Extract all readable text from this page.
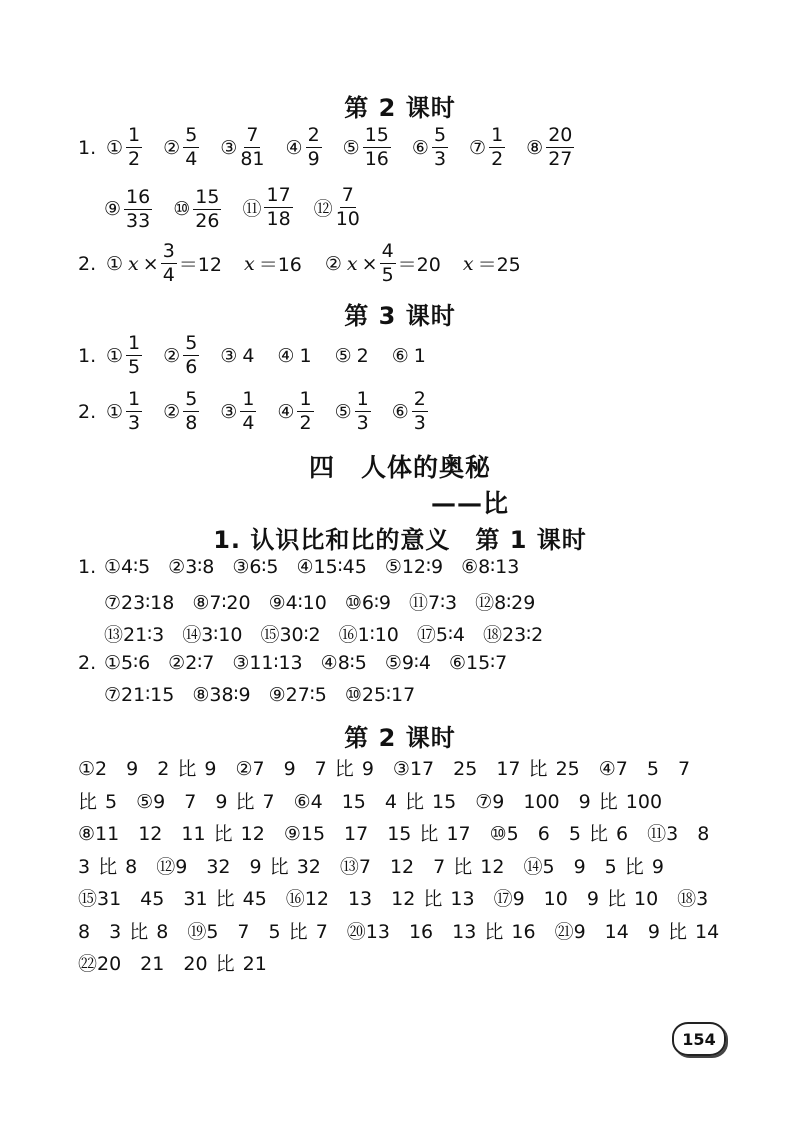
第 2 课时
1. ① $\frac{1}{2}$ ② $\frac{5}{4}$ ③ $\frac{7}{81}$ ④ $\frac{2}{9}$ ⑤ $\frac{15}{16}$ ⑥ $\frac{5}{3}$ ⑦ $\frac{1}{2}$ ⑧ $\frac{20}{27}$
⑨ $\frac{16}{33}$ ⑩ $\frac{15}{26}$ ⑪ $\frac{17}{18}$ ⑫ $\frac{7}{10}$
2. ① $x \times \frac{3}{4} =12$ x ＝16 ② $x \times \frac{4}{5} =20$ x ＝25
第 3 课时
1. ① $\frac{1}{5}$ ② $\frac{5}{6}$ ③ 4 ④ 1 ⑤ 2 ⑥ 1
2. ① $\frac{1}{3}$ ② $\frac{5}{8}$ ③ $\frac{1}{4}$ ④ $\frac{1}{2}$ ⑤ $\frac{1}{3}$ ⑥ $\frac{2}{3}$
四　人体的奥秘
——比
1. 认识比和比的意义　第 1 课时
1. ①4∶5 ②3∶8 ③6∶5 ④15∶45 ⑤12∶9 ⑥8∶13
⑦23∶18 ⑧7∶20 ⑨4∶10 ⑩6∶9 ⑪7∶3 ⑫8∶29
⑬21∶3 ⑭3∶10 ⑮30∶2 ⑯1∶10 ⑰5∶4 ⑱23∶2
2. ①5∶6 ②2∶7 ③11∶13 ④8∶5 ⑤9∶4 ⑥15∶7
⑦21∶15 ⑧38∶9 ⑨27∶5 ⑩25∶17
第 2 课时
①2　9　2 比 9　②7　9　7 比 9　③17　25　17 比 25　④7　5　7
比 5　⑤9　7　9 比 7　⑥4　15　4 比 15　⑦9　100　9 比 100
⑧11　12　11 比 12　⑨15　17　15 比 17　⑩5　6　5 比 6　⑪3　8
3 比 8　⑫9　32　9 比 32　⑬7　12　7 比 12　⑭5　9　5 比 9
⑮31　45　31 比 45　⑯12　13　12 比 13　⑰9　10　9 比 10　⑱3
8　3 比 8　⑲5　7　5 比 7　⑳13　16　13 比 16　㉑9　14　9 比 14
㉒20　21　20 比 21
154
